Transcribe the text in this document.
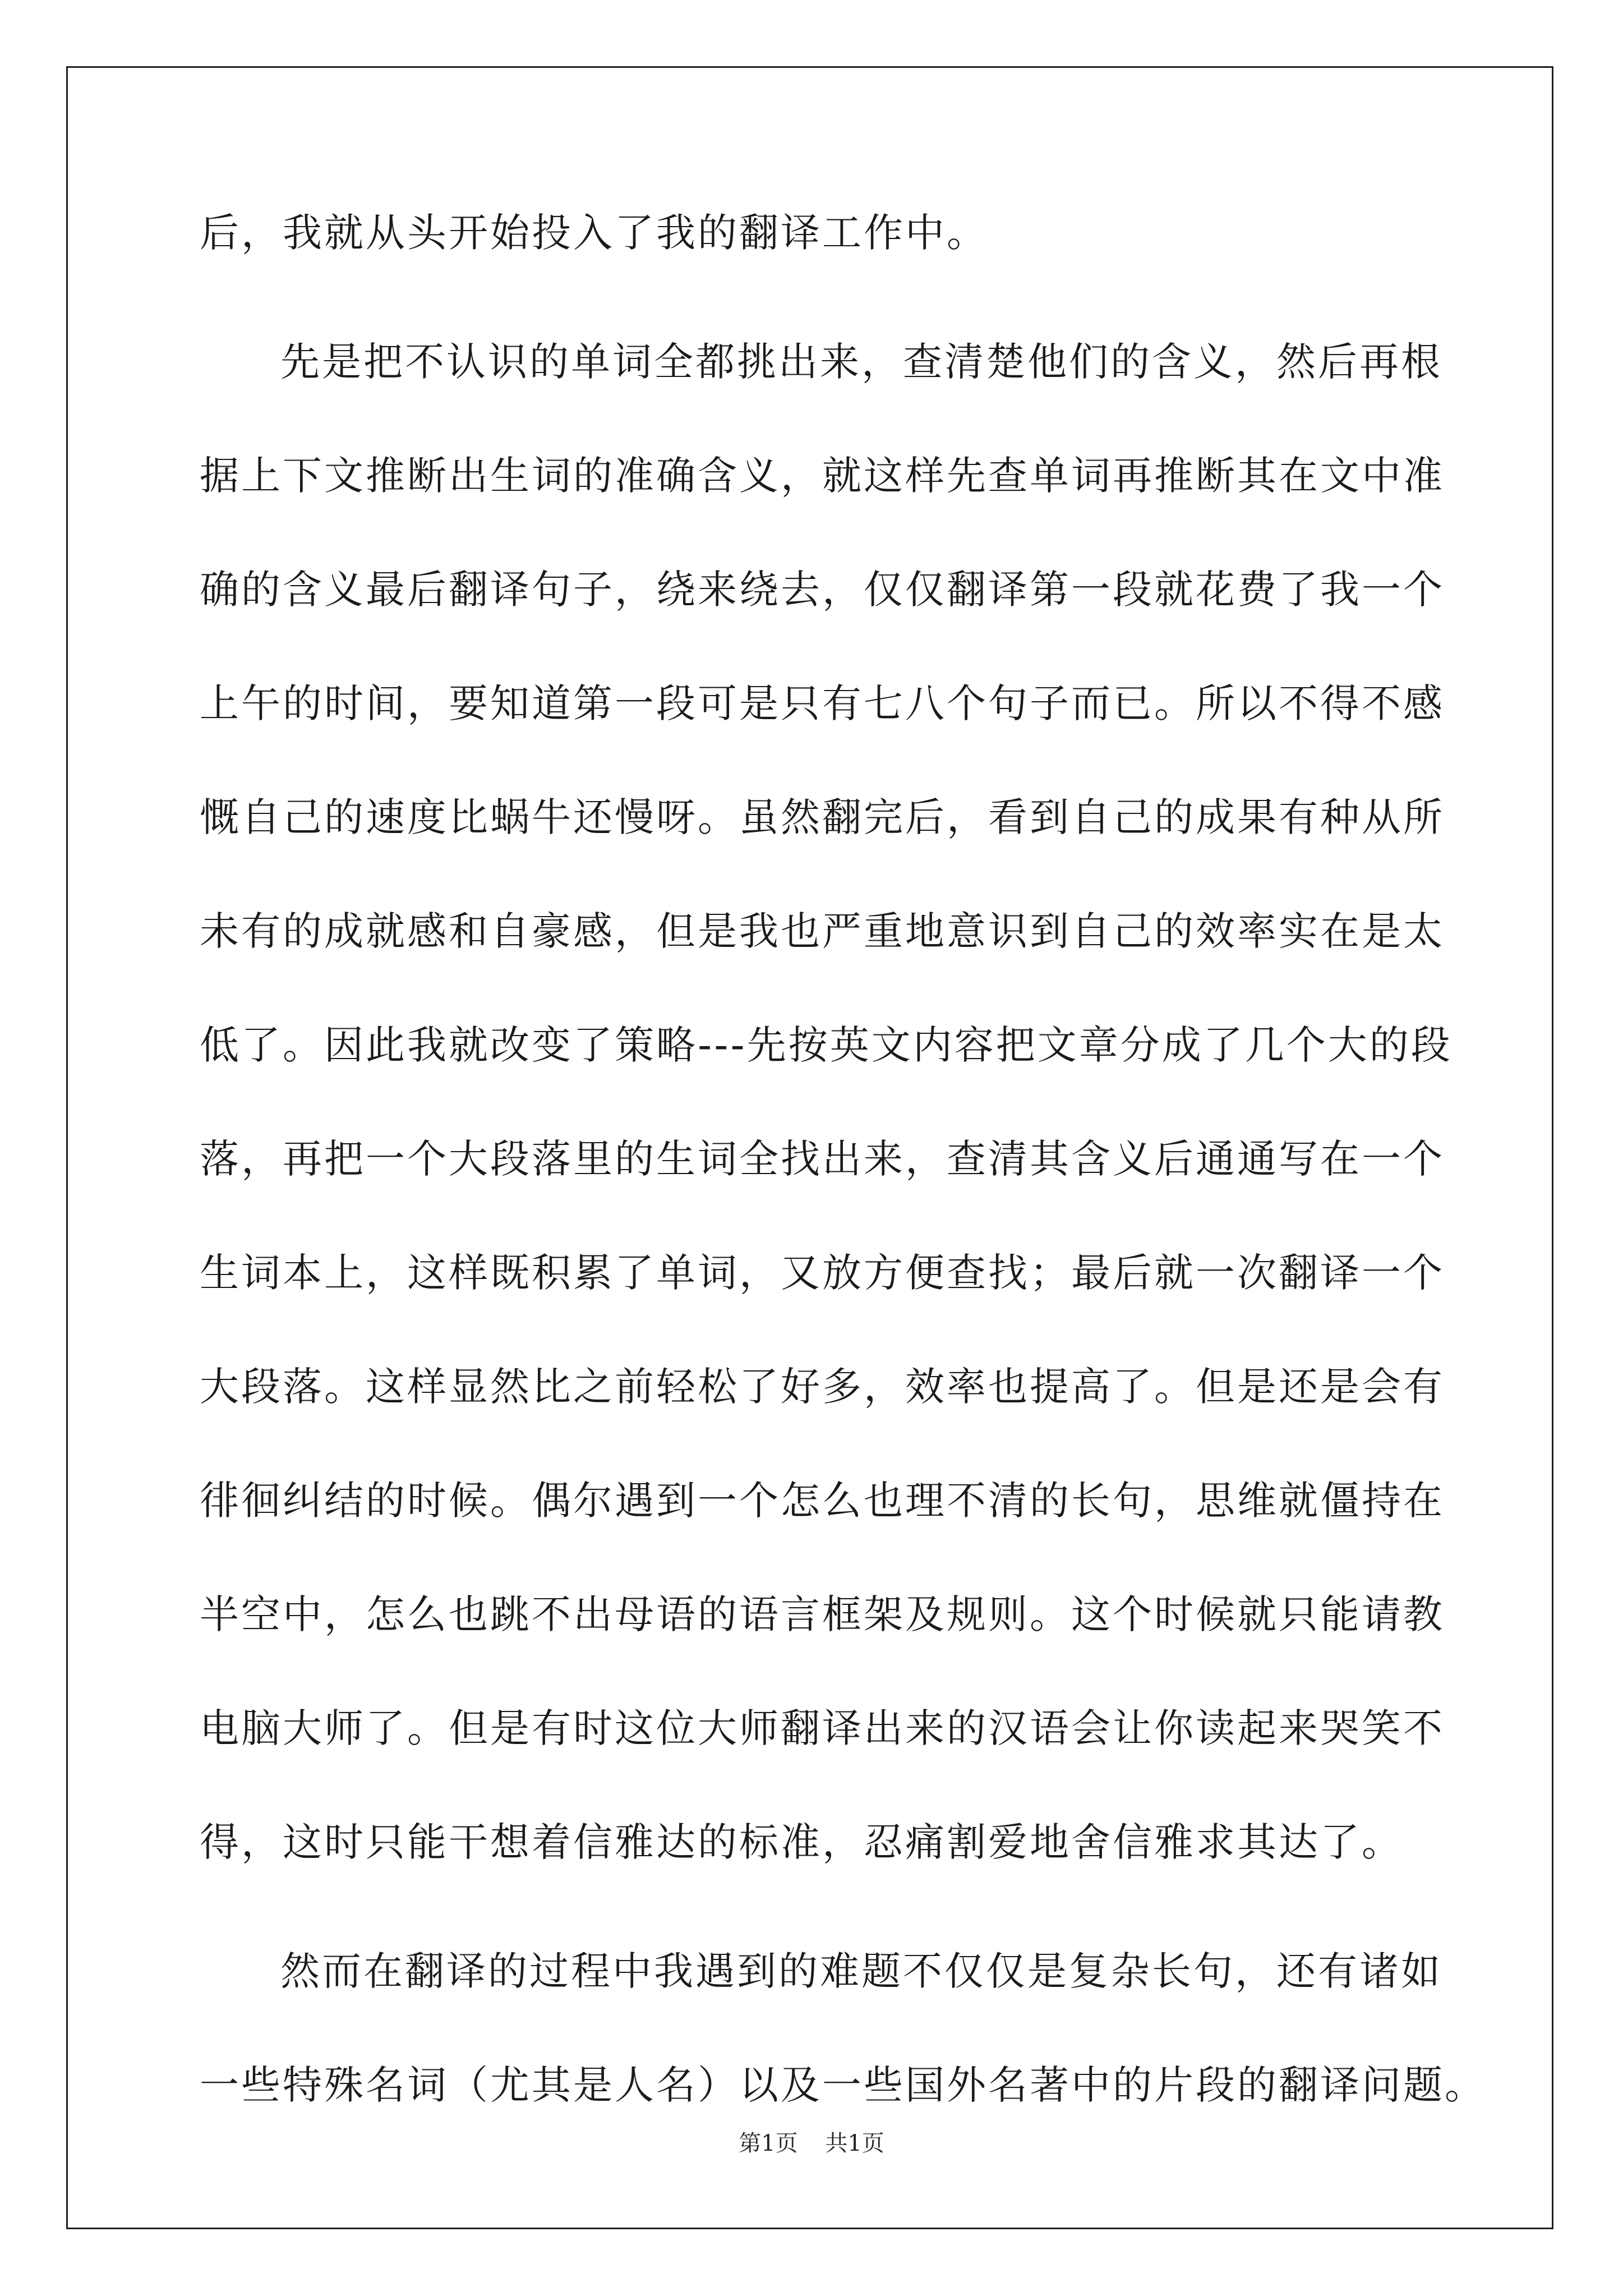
后，我就从头开始投入了我的翻译工作中。
先是把不认识的单词全都挑出来，查清楚他们的含义，然后再根
据上下文推断出生词的准确含义，就这样先查单词再推断其在文中准
确的含义最后翻译句子，绕来绕去，仅仅翻译第一段就花费了我一个
上午的时间，要知道第一段可是只有七八个句子而已。所以不得不感
慨自己的速度比蜗牛还慢呀。虽然翻完后，看到自己的成果有种从所
未有的成就感和自豪感，但是我也严重地意识到自己的效率实在是太
低了。因此我就改变了策略---先按英文内容把文章分成了几个大的段
落，再把一个大段落里的生词全找出来，查清其含义后通通写在一个
生词本上，这样既积累了单词，又放方便查找；最后就一次翻译一个
大段落。这样显然比之前轻松了好多，效率也提高了。但是还是会有
徘徊纠结的时候。偶尔遇到一个怎么也理不清的长句，思维就僵持在
半空中，怎么也跳不出母语的语言框架及规则。这个时候就只能请教
电脑大师了。但是有时这位大师翻译出来的汉语会让你读起来哭笑不
得，这时只能干想着信雅达的标准，忍痛割爱地舍信雅求其达了。
然而在翻译的过程中我遇到的难题不仅仅是复杂长句，还有诸如
一些特殊名词（尤其是人名）以及一些国外名著中的片段的翻译问题。
第1页 共1页
